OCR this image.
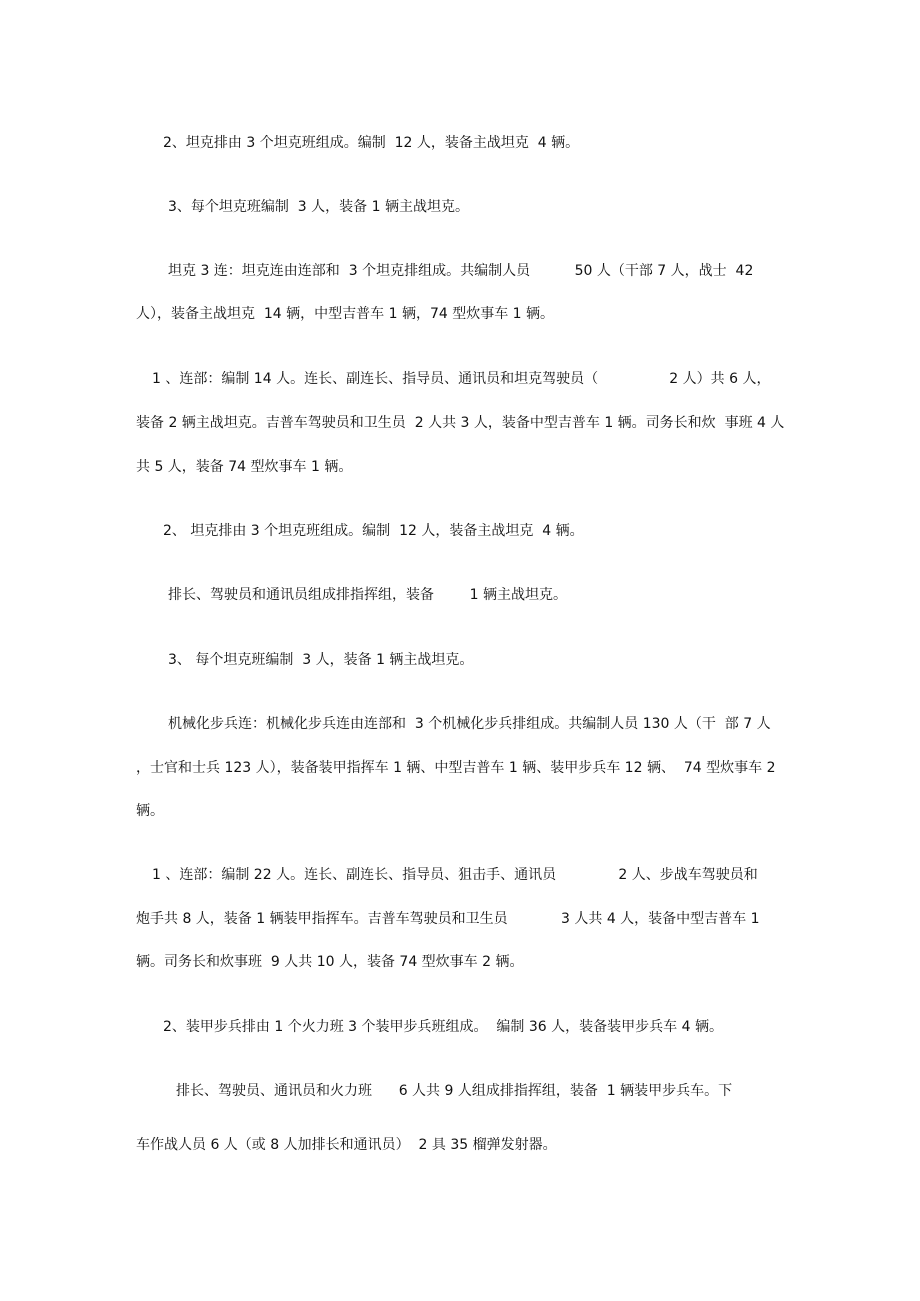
2、坦克排由 3 个坦克班组成。编制  12 人，装备主战坦克  4 辆。
3、每个坦克班编制  3 人，装备 1 辆主战坦克。
坦克 3 连：坦克连由连部和  3 个坦克排组成。共编制人员          50 人（干部 7 人，战士  42
人），装备主战坦克  14 辆，中型吉普车 1 辆，74 型炊事车 1 辆。
1 、连部：编制 14 人。连长、副连长、指导员、通讯员和坦克驾驶员（                2 人）共 6 人，
装备 2 辆主战坦克。吉普车驾驶员和卫生员  2 人共 3 人，装备中型吉普车 1 辆。司务长和炊  事班 4 人
共 5 人，装备 74 型炊事车 1 辆。
2、 坦克排由 3 个坦克班组成。编制  12 人，装备主战坦克  4 辆。
排长、驾驶员和通讯员组成排指挥组，装备        1 辆主战坦克。
3、 每个坦克班编制  3 人，装备 1 辆主战坦克。
机械化步兵连：机械化步兵连由连部和  3 个机械化步兵排组成。共编制人员 130 人（干  部 7 人
，士官和士兵 123 人），装备装甲指挥车 1 辆、中型吉普车 1 辆、装甲步兵车 12 辆、  74 型炊事车 2
辆。
1 、连部：编制 22 人。连长、副连长、指导员、狙击手、通讯员              2 人、步战车驾驶员和
炮手共 8 人，装备 1 辆装甲指挥车。吉普车驾驶员和卫生员            3 人共 4 人，装备中型吉普车 1
辆。司务长和炊事班  9 人共 10 人，装备 74 型炊事车 2 辆。
2、装甲步兵排由 1 个火力班 3 个装甲步兵班组成。  编制 36 人，装备装甲步兵车 4 辆。
排长、驾驶员、通讯员和火力班      6 人共 9 人组成排指挥组，装备  1 辆装甲步兵车。下
车作战人员 6 人（或 8 人加排长和通讯员）  2 具 35 榴弹发射器。
